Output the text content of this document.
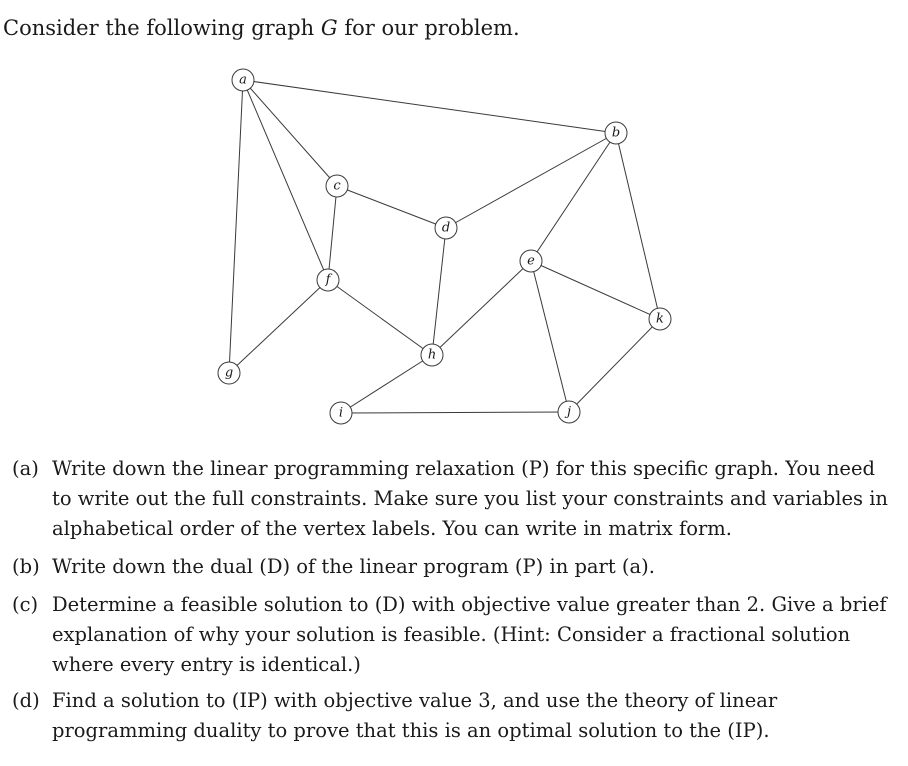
Consider the following graph G for our problem.
a
b
c
d
e
f
g
h
i	j
k
(a) Write down the linear programming relaxation (P) for this specific graph. You need to write out the full constraints. Make sure you list your constraints and variables in alphabetical order of the vertex labels. You can write in matrix form.
(b) Write down the dual (D) of the linear program (P) in part (a).
(c) Determine a feasible solution to (D) with objective value greater than 2. Give a brief explanation of why your solution is feasible. (Hint: Consider a fractional solution where every entry is identical.)
(d) Find a solution to (IP) with objective value 3, and use the theory of linear programming duality to prove that this is an optimal solution to the (IP).
